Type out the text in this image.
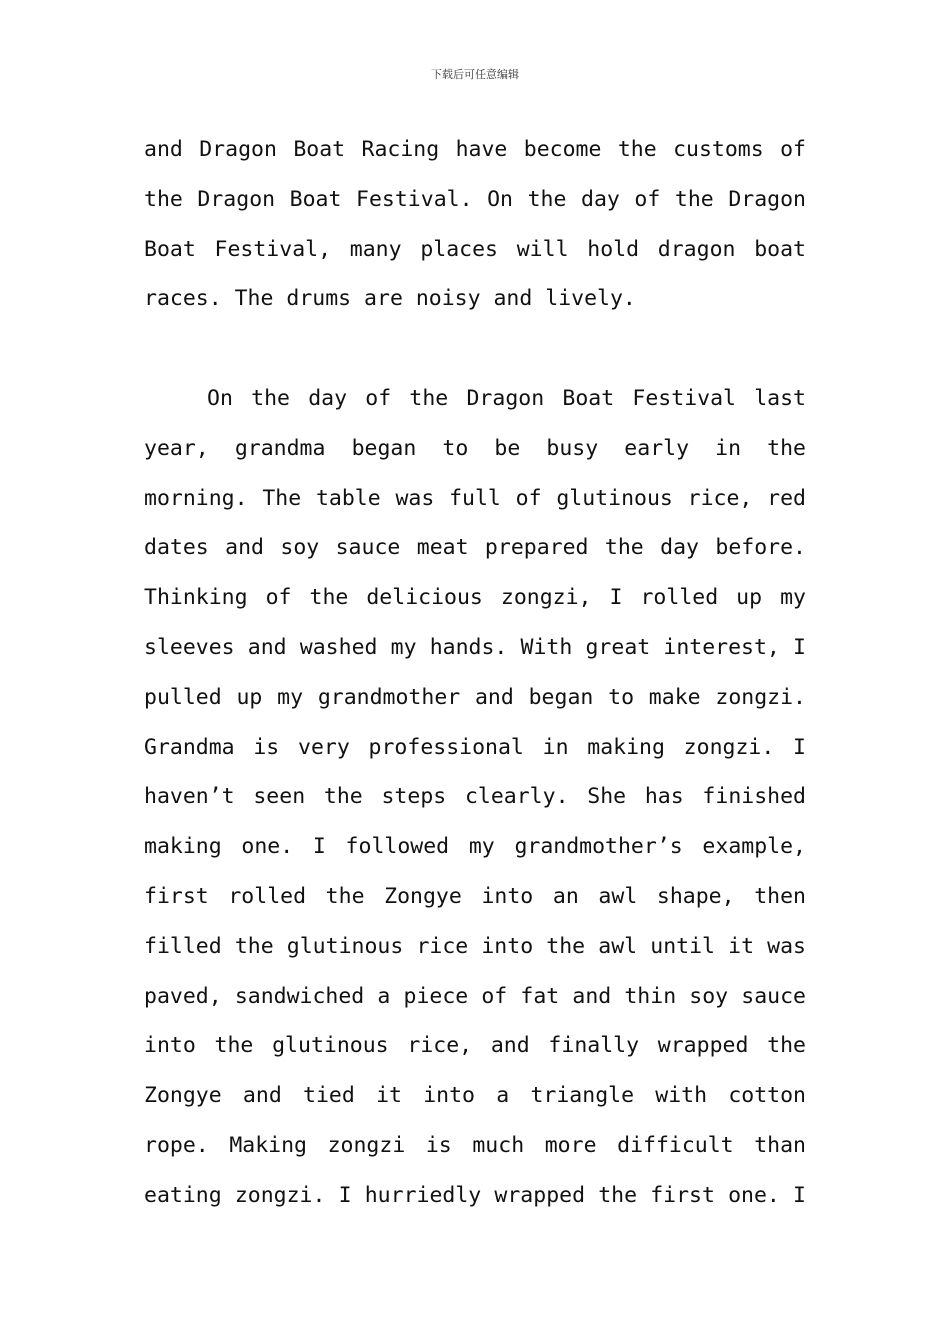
下载后可任意编辑
and Dragon Boat Racing have become the customs of
the Dragon Boat Festival. On the day of the Dragon
Boat Festival, many places will hold dragon boat
races. The drums are noisy and lively.
On the day of the Dragon Boat Festival last
year, grandma began to be busy early in the
morning. The table was full of glutinous rice, red
dates and soy sauce meat prepared the day before.
Thinking of the delicious zongzi, I rolled up my
sleeves and washed my hands. With great interest, I
pulled up my grandmother and began to make zongzi.
Grandma is very professional in making zongzi. I
haven’t seen the steps clearly. She has finished
making one. I followed my grandmother’s example,
first rolled the Zongye into an awl shape, then
filled the glutinous rice into the awl until it was
paved, sandwiched a piece of fat and thin soy sauce
into the glutinous rice, and finally wrapped the
Zongye and tied it into a triangle with cotton
rope. Making zongzi is much more difficult than
eating zongzi. I hurriedly wrapped the first one. I
